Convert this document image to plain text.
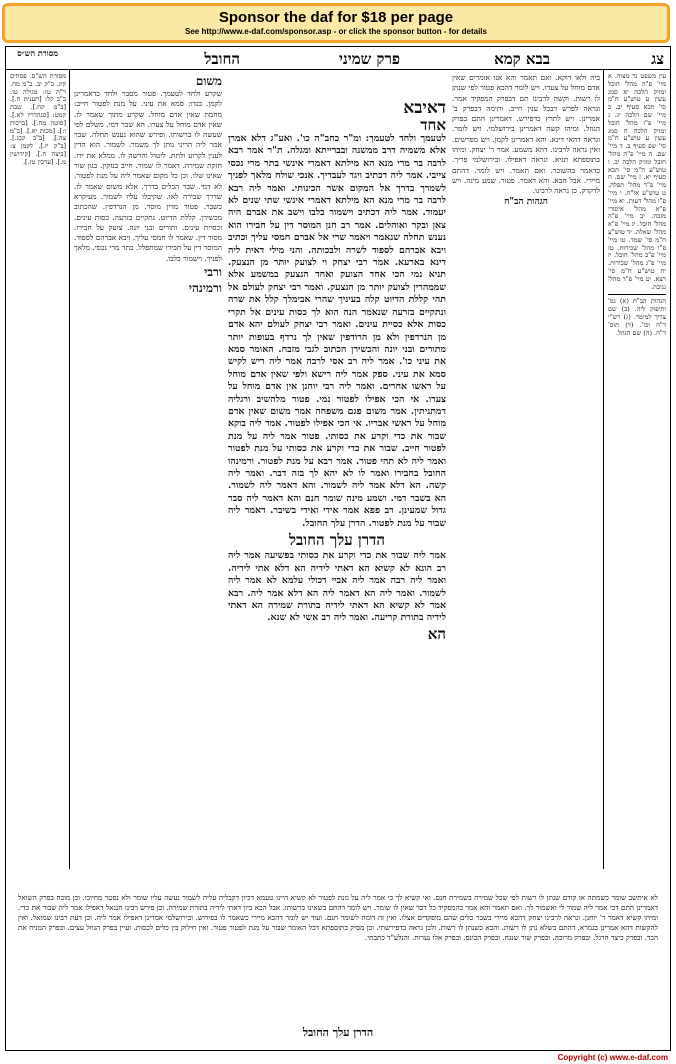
Sponsor the daf for $18 per page
See http://www.e-daf.com/sponsor.asp - or click the sponsor button - for details
צג
בבא קמא
פרק שמיני
החובל
מסורת הש״ס
עין משפט נר מצוה. א מיי' פ"ה מהל' חובל ומזיק הלכה יא סמג עשין ע טוש"ע ח"מ סי' תכא סעיף יב. ב מיי' שם הלכה יג. ג מיי' פ"ז מהל' חובל ומזיק הלכה ח סמג עשין ע טוש"ע ח"מ סי' שפ סעיף ב. ד מיי' שם. ה מיי' פ"ה מהל' חובל ומזיק הלכה יב. ו טוש"ע ח"מ סי' תכא סעיף יא. ז מיי' שם. ח מיי' פ"ד מהל' תפלה. ט טוש"ע או"ח. י מיי' פ"ו מהל' דעות. יא מיי' פ"א מהל' איסורי מזבח. יב מיי' פ"ה מהל' חובל. יג מיי' פ"א מהל' שאלה. יד טוש"ע ח"מ סי' שמד. טו מיי' פ"ו מהל' שכירות. טז מיי' פ"ב מהל' חובל. יז מיי' פ"ג מהל' שכירות. יח טוש"ע ח"מ סי' רצא. יט מיי' פ"ד מהל' גניבה.
הגהות הב"ח (א) גמ' ותיפוק ליה. (ב) שם צריך למימר. (ג) רש"י ד"ה וכו'. (ד) תוס' ד"ה. (ה) שם הגוזל.
ביה ולאו דוקא. ואם תאמר והא אנו אומרים שאין אדם מוחל על צערו. ויש לומר דהכא פטור לפי שנתן לו רשות. וקשה לרבינו תם דבפרק המפקיד אמר. ונראה לפרש דבכל ענין חייב. ותימה דבפרק ב' אמרינן. ויש לתרץ כדפירש. דאמרינן התם בפרק הגוזל. ומיהו קשה דאמרינן בירושלמי. ויש לומר. ונראה דהאי דינא. והא דאמרינן לקמן. ויש מפרשים. ואין נראה לרבינו. דהא משמע. אמר ר' יצחק. ומיהו בתוספתא תניא. ונראה דאפילו. ובירושלמי פריך. כדאמר בהשוכר. ואם תאמר. ויש לומר. דהתם מיירי. אבל הכא. והא דאמר. פטור. שמע מינה. ויש לדקדק. כן נראה לרבינו.
הגהות הב"ח
דאיבא
אחד
לטעמך ולחד לטעמך: ומ"ר כחב"ה כו'. ואע"ג דלא אמרן אלא משמיה דרב ממשנה ובברייתא ומגלה. ת"ר אמר רבא לרבה בר מרי מנא הא מילתא דאמרי אינשי בתר מרי נכסי צייבי. אמר ליה דכתיב ויגד לעבדיך. אנכי שולח מלאך לפניך לשמרך בדרך אל המקום אשר הכינותי. ואמר ליה רבא לרבה בר מרי מנא הא מילתא דאמרי אינשי שתי שנים לא יעמוד. אמר ליה דכתיב וישמור בלבו וישב את אברם היה צאן ובקר ואוהלים. אמר רב חנן המוסר דין על חבירו הוא נענש תחלה שנאמר ויאמר שרי אל אברם חמסי עליך וכתיב ויבא אברהם לספוד לשרה ולבכותה. והני מילי דאית ליה דינא בארעא. אמר רבי יצחק וי לצועק יותר מן הנצעק. תניא נמי הכי אחד הצועק ואחד הנצעק במשמע אלא שממהרין לצועק יותר מן הנצעק. ואמר רבי יצחק לעולם אל תהי קללת הדיוט קלה בעיניך שהרי אבימלך קלל את שרה ונתקיים בזרעה שנאמר הנה הוא לך כסות עינים אל תקרי כסות אלא כסיית עינים. ואמר רבי יצחק לעולם יהא אדם מן הנרדפין ולא מן הרודפין שאין לך נרדף בעופות יותר מתורים ובני יונה והכשירן הכתוב לגבי מזבח. האומר סמא את עיני כו'. אמר ליה רב אסי לרבה אמר ליה ריש לקיש סמא את עיני. ספק אמר ליה רישא ולפי שאין אדם מוחל על ראשו אחרים. ואמר ליה רבי יוחנן אין אדם מוחל על צערו. אי הכי אפילו לפטור נמי. פטור מלהשיב ורגליה דמתניתין. אמר משום פגם משפחה אמר משום שאין אדם מוחל על ראשי אבריו. אי הכי אפילו לפטור. אמר ליה בוקא שבור את כדי וקרע את כסותי. פטור אמר ליה על מנת לפטור חייב. שבור את כדי וקרע את כסותי על מנת לפטור ואמר ליה לא תהי פטור. אמר רבא על מנת לפטור. ורמינהו החובל בחבירו ואמר לו לא יהא לך בזה דבר. ואמר ליה קשה. הא דלא אמר ליה לשמור. והא דאמר ליה לשמור. הא בשבר דמי. ושמע מינה שומר חנם והא דאמר ליה סבר גדול שמעינן. רב פפא אמר אידי ואידי בשיבר. דאמר ליה שבור על מנת לפטור. הדרן עלך החובל.
הדרן עלך החובל
אמר ליה שבור את כדי וקרע את כסותי בפשיעה אמר ליה רב הונא לא קשיא הא דאתי לידיה הא דלא אתי לידיה. ואמר ליה רבה אמר ליה אביי דכולי עלמא לא אמר ליה לשמור. ואמר ליה הא דאמר ליה הא דלא אמר ליה. רבא אמר לא קשיא הא דאתי לידיה בתורת שמירה הא דאתי לידיה בתורת קריעה. ואמר ליה רב אשי לא שנא.
הא
משום
שקרע ולחד לטעמך. פטור מסבר ולחד כדאמרינן לקמן. בגדו: סמא את עיני. על מנת לפטור חייב: מחמת שאין אדם מוחל. שקרע מתוך שאמר לו. שאין אדם מוחל על צערו. הא שבר דמי. משלם לפי שעשה לו ברשותו. ופירש שהוא נענש תחלה. שבר אמר ליה הריני נותן לך משמר. לשמור. הוא הדין לענין לקרוע ולתת. ליטול והרשה לו. ממלא את ידו. חזקת שמירה. דאמר לו שמור. חייב בנזקין. כגון שור שאינו שלו. וכן כל מקום שאמר ליה על מנת לפטור. לא דמי. שבר הכלים בדרך. אלא משום שאמר לו. שדרך שבירה לאו. שקיבלו עליו לשמור. מעיקרא כשבר. פטור מדין מוסר. מן הנרדפין. שהכתוב מכשירן. קללת הדיוט. נתקיים בזרעה. כסות עינים. וכסיית עינים. ותורים ובני יונה. צועק על חבירו. מסור דין. שאמר לו חמסי עליך. ויבא אברהם לספוד. המוסר דין על חבירו שמתפלל. בתר מרי נכסי. מלאך לפניך. וישמור בלבו.
ורבי
ורמינהי
מסורת הש"ס. פסחים קיג. ב"ק יב. ב"מ מח. ר"ה טז: מגילה טו. ב"ב קל: [תענית ח.]. [ב"מ קח.]. שבת קמט: [סנהדרין לא.]. [סוטה מח.]. [ברכות ו:]. [מכות יא.]. [ב"מ צה.]. [ב"ב קכג.]. [ב"ק יז.]. לקמן צ: [ביצה ח.]. [קידושין מ.]. [ערכין טז.].
לא איתשב שומר כשמתה או קודם שנתן לו רשות לפי שכל שמירה בשמירת חנם. ואי קשיא לך כי אמר ליה על מנת לפטור לא קשיא היינו טעמא דכיון דקבליה עליה לשמור נעשה עליו שומר ולא נפטר מחיובו. וכן מוכח בפרק השואל דאמרינן התם דכי אמר ליה שמור לי ואשמור לך. ואם תאמר והא אמר בהמפקיד כל דבר שאין לו שומר. ויש לומר דהתם בשאינו ברשותו. אבל הכא כיון דאתי לידיה בתורת שמירה. וכן פירש רבינו חננאל דאפילו אמר ליה שבור את כדי. ומיהו קשיא דאמר ר' יוחנן. ונראה לרבינו יצחק דהכא מיירי בשבר כלים שהם מופקדים אצלו. ואין זה דומה לשומר חנם. ועוד יש לומר דהכא מיירי כשאמר לו בפירוש. ובירושלמי אמרינן דאפילו אמר ליה. וכן דעת רבינו שמואל. ואין להקשות דהא אמרינן בגמרא. דהתם כשלא נתן לו רשות. והכא כשנתן לו רשות. ולכן נראה כדפירשתי. וכן מסיק בתוספתא דכל האומר שבור על מנת לפטור פטור. ואין חילוק בין כלים לכסות. ועיין בפרק הגוזל עצים. ובפרק המניח את הכד. ובפרק כיצד הרגל. ובפרק מרובה. ובפרק שור שנגח. ובפרק הכונס. ובפרק אלו נערות. והנלע"ד כתבתי.
הדרן עלך החובל
Copyright (c) www.e-daf.com
